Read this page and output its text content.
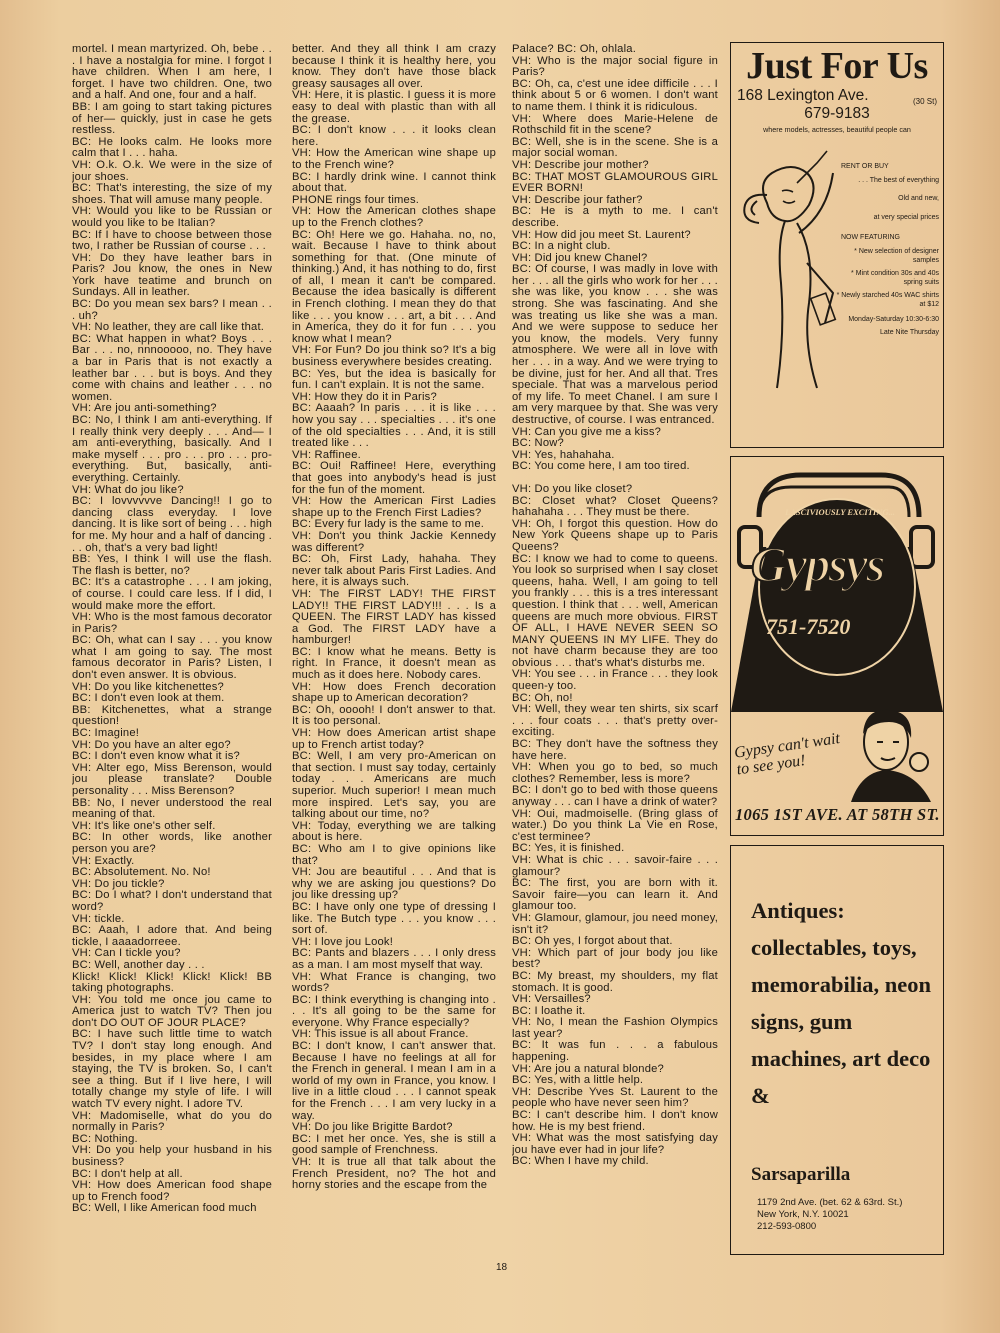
mortel. I mean martyrized. Oh, bebe . . . I have a nostalgia for mine. I forgot I have children. When I am here, I forget. I have two children. One, two and a half. And one, four and a half.

BB: I am going to start taking pictures of her— quickly, just in case he gets restless.

BC: He looks calm. He looks more calm that I . . . haha.

VH: O.k. O.k. We were in the size of jour shoes.

BC: That's interesting, the size of my shoes. That will amuse many people.

VH: Would you like to be Russian or would you like to be Italian?

BC: If I have to choose between those two, I rather be Russian of course . . .

VH: Do they have leather bars in Paris? Jou know, the ones in New York have teatime and brunch on Sundays. All in leather.

BC: Do you mean sex bars? I mean . . . uh?

VH: No leather, they are call like that.

BC: What happen in what? Boys . . . Bar . . . no, nnnooooo, no. They have a bar in Paris that is not exactly a leather bar . . . but is boys. And they come with chains and leather . . . no women.

VH: Are jou anti-something?

BC: No, I think I am anti-everything. If I really think very deeply . . . And— I am anti-everything, basically. And I make myself . . . pro . . . pro . . . pro-everything. But, basically, anti-everything. Certainly.

VH: What do jou like?

BC: I lovvvvvve Dancing!! I go to dancing class everyday. I love dancing. It is like sort of being . . . high for me. My hour and a half of dancing . . . oh, that's a very bad light!

BB: Yes, I think I will use the flash. The flash is better, no?

BC: It's a catastrophe . . . I am joking, of course. I could care less. If I did, I would make more the effort.

VH: Who is the most famous decorator in Paris?

BC: Oh, what can I say . . . you know what I am going to say. The most famous decorator in Paris? Listen, I don't even answer. It is obvious.

VH: Do you like kitchenettes?

BC: I don't even look at them.

BB: Kitchenettes, what a strange question!

BC: Imagine!

VH: Do you have an alter ego?

BC: I don't even know what it is?

VH: Alter ego, Miss Berenson, would jou please translate? Double personality . . . Miss Berenson?

BB: No, I never understood the real meaning of that.

VH: It's like one's other self.

BC: In other words, like another person you are?

VH: Exactly.

BC: Absolutement. No. No!

VH: Do jou tickle?

BC: Do I what? I don't understand that word?

VH: tickle.

BC: Aaah, I adore that. And being tickle, I aaaadorreee.

VH: Can I tickle you?

BC: Well, another day . . .

Klick! Klick! Klick! Klick! Klick! BB taking photographs.

VH: You told me once jou came to America just to watch TV? Then jou don't DO OUT OF JOUR PLACE?

BC: I have such little time to watch TV? I don't stay long enough. And besides, in my place where I am staying, the TV is broken. So, I can't see a thing. But if I live here, I will totally change my style of life. I will watch TV every night. I adore TV.

VH: Madomiselle, what do you do normally in Paris?

BC: Nothing.

VH: Do you help your husband in his business?

BC: I don't help at all.

VH: How does American food shape up to French food?

BC: Well, I like American food much

better. And they all think I am crazy because I think it is healthy here, you know. They don't have those black greasy sausages all over.

VH: Here, it is plastic. I guess it is more easy to deal with plastic than with all the grease.

BC: I don't know . . . it looks clean here.

VH: How the American wine shape up to the French wine?

BC: I hardly drink wine. I cannot think about that.

PHONE rings four times.

VH: How the American clothes shape up to the French clothes?

BC: Oh! Here we go. Hahaha. no, no, wait. Because I have to think about something for that. (One minute of thinking.) And, it has nothing to do, first of all, I mean it can't be compared. Because the idea basically is different in French clothing. I mean they do that like . . . you know . . . art, a bit . . . And in America, they do it for fun . . . you know what I mean?

VH: For Fun? Do jou think so? It's a big business everywhere besides creating.

BC: Yes, but the idea is basically for fun. I can't explain. It is not the same.

VH: How they do it in Paris?

BC: Aaaah? In paris . . . it is like . . . how you say . . . specialties . . . it's one of the old specialties . . . And, it is still treated like . . .

VH: Raffinee.

BC: Oui! Raffinee! Here, everything that goes into anybody's head is just for the fun of the moment.

VH: How the American First Ladies shape up to the French First Ladies?

BC: Every fur lady is the same to me.

VH: Don't you think Jackie Kennedy was different?

BC: Oh, First Lady, hahaha. They never talk about Paris First Ladies. And here, it is always such.

VH: The FIRST LADY! THE FIRST LADY!! THE FIRST LADY!!! . . . Is a QUEEN. The FIRST LADY has kissed a God. The FIRST LADY have a hamburger!

BC: I know what he means. Betty is right. In France, it doesn't mean as much as it does here. Nobody cares.

VH: How does French decoration shape up to American decoration?

BC: Oh, ooooh! I don't answer to that. It is too personal.

VH: How does American artist shape up to French artist today?

BC: Well, I am very pro-American on that section. I must say today, certainly today . . . Americans are much superior. Much superior! I mean much more inspired. Let's say, you are talking about our time, no?

VH: Today, everything we are talking about is here.

BC: Who am I to give opinions like that?

VH: Jou are beautiful . . . And that is why we are asking jou questions? Do jou like dressing up?

BC: I have only one type of dressing I like. The Butch type . . . you know . . . sort of.

VH: I love jou Look!

BC: Pants and blazers . . . I only dress as a man. I am most myself that way.

VH: What France is changing, two words?

BC: I think everything is changing into . . . It's all going to be the same for everyone. Why France especially?

VH: This issue is all about France.

BC: I don't know, I can't answer that. Because I have no feelings at all for the French in general. I mean I am in a world of my own in France, you know. I live in a little cloud . . . I cannot speak for the French . . . I am very lucky in a way.

VH: Do jou like Brigitte Bardot?

BC: I met her once. Yes, she is still a good sample of Frenchness.

VH: It is true all that talk about the French President, no? The hot and horny stories and the escape from the

Palace? BC: Oh, ohlala.

VH: Who is the major social figure in Paris?

BC: Oh, ca, c'est une idee difficile . . . I think about 5 or 6 women. I don't want to name them. I think it is ridiculous.

VH: Where does Marie-Helene de Rothschild fit in the scene?

BC: Well, she is in the scene. She is a major social woman.

VH: Describe jour mother?

BC: THAT MOST GLAMOUROUS GIRL EVER BORN!

VH: Describe jour father?

BC: He is a myth to me. I can't describe.

VH: How did jou meet St. Laurent?

BC: In a night club.

VH: Did jou knew Chanel?

BC: Of course, I was madly in love with her . . . all the girls who work for her . . . she was like, you know . . . she was strong. She was fascinating. And she was treating us like she was a man. And we were suppose to seduce her you know, the models. Very funny atmosphere. We were all in love with her . . . in a way. And we were trying to be divine, just for her. And all that. Tres speciale. That was a marvelous period of my life. To meet Chanel. I am sure I am very marquee by that. She was very destructive, of course. I was entranced.

VH: Can you give me a kiss?

BC: Now?

VH: Yes, hahahaha.

BC: You come here, I am too tired.

VH: Do you like closet?

BC: Closet what? Closet Queens? hahahaha . . . They must be there.

VH: Oh, I forgot this question. How do New York Queens shape up to Paris Queens?

BC: I know we had to come to queens. You look so surprised when I say closet queens, haha. Well, I am going to tell you frankly . . . this is a tres interessant question. I think that . . . well, American queens are much more obvious. FIRST OF ALL, I HAVE NEVER SEEN SO MANY QUEENS IN MY LIFE. They do not have charm because they are too obvious . . . that's what's disturbs me.

VH: You see . . . in France . . . they look queen-y too.

BC: Oh, no!

VH: Well, they wear ten shirts, six scarf . . . four coats . . . that's pretty over-exciting.

BC: They don't have the softness they have here.

VH: When you go to bed, so much clothes? Remember, less is more?

BC: I don't go to bed with those queens anyway . . . can I have a drink of water?

VH: Oui, madmoiselle. (Bring glass of water.) Do you think La Vie en Rose, c'est terminee?

BC: Yes, it is finished.

VH: What is chic . . . savoir-faire . . . glamour?

BC: The first, you are born with it. Savoir faire—you can learn it. And glamour too.

VH: Glamour, glamour, jou need money, isn't it?

BC: Oh yes, I forgot about that.

VH: Which part of jour body jou like best?

BC: My breast, my shoulders, my flat stomach. It is good.

VH: Versailles?

BC: I loathe it.

VH: No, I mean the Fashion Olympics last year?

BC: It was fun . . . a fabulous happening.

VH: Are jou a natural blonde?

BC: Yes, with a little help.

VH: Describe Yves St. Laurent to the people who have never seen him?

BC: I can't describe him. I don't know how. He is my best friend.

VH: What was the most satisfying day jou have ever had in jour life?

BC: When I have my child.

18
Just For Us
168 Lexington Ave.	(30 St)
679-9183
where models, actresses, beautiful people can
RENT OR BUY
. . . The best of everything
Old and new,
at very special prices
NOW FEATURING
* New selection of designer samples
* Mint condition 30s and 40s spring suits
* Newly starched 40s WAC shirts at $12
Monday-Saturday 10:30-6:30
Late Nite Thursday
LASCIVIOUSLY EXCITING...
Gypsys
751-7520
Gypsy can't wait to see you!
1065 1ST AVE. AT 58TH ST.
Antiques: collectables, toys, memorabilia, neon signs, gum machines, art deco &
Sarsaparilla
1179 2nd Ave. (bet. 62 & 63rd. St.)
New York, N.Y. 10021
212-593-0800
